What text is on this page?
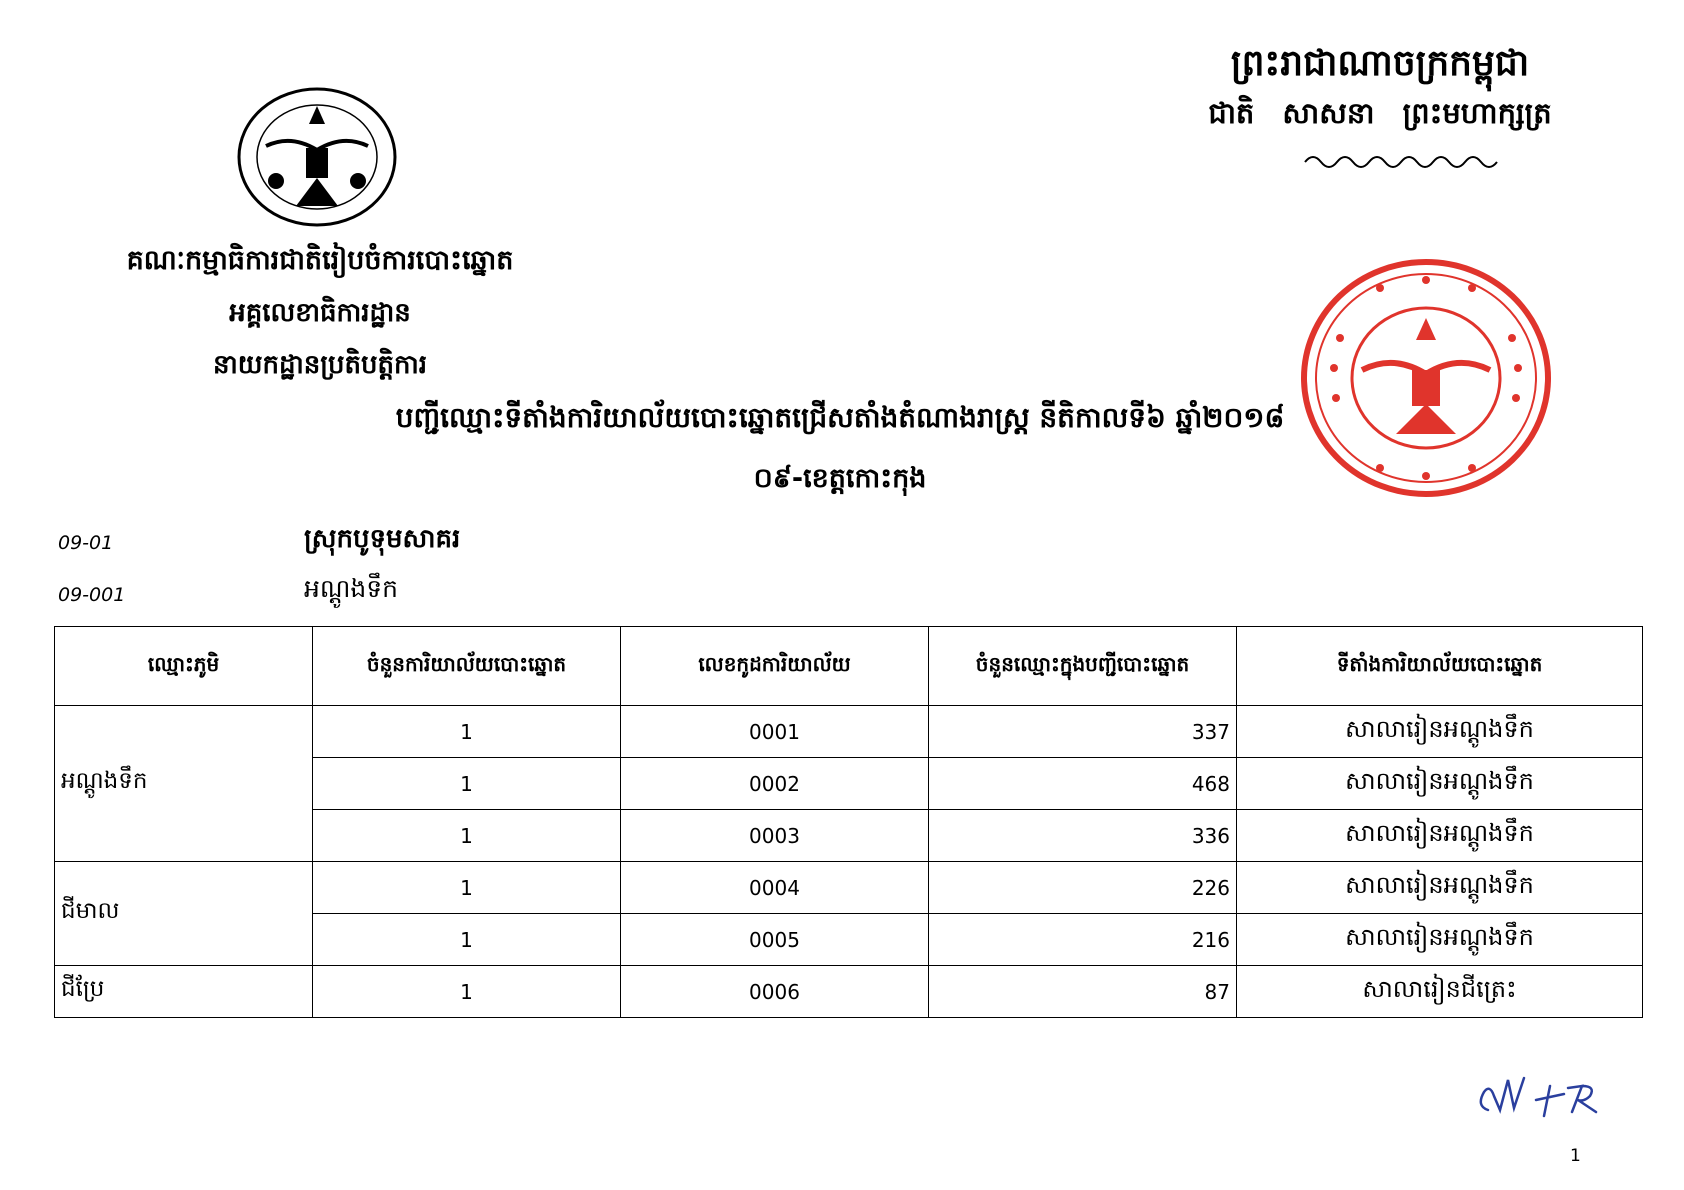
ព្រះរាជាណាចក្រកម្ពុជា
ជាតិ សាសនា ព្រះមហាក្សត្រ
គណៈកម្មាធិការជាតិរៀបចំការបោះឆ្នោត
អគ្គលេខាធិការដ្ឋាន
នាយកដ្ឋានប្រតិបត្តិការ
បញ្ជីឈ្មោះទីតាំងការិយាល័យបោះឆ្នោតជ្រើសតាំងតំណាងរាស្ត្រ នីតិកាលទី៦ ឆ្នាំ២០១៨
០៩-ខេត្តកោះកុង
09-01	ស្រុកបូទុមសាគរ
09-001	អណ្ដូងទឹក
ឈ្មោះភូមិ	ចំនួនការិយាល័យបោះឆ្នោត	លេខកូដការិយាល័យ	ចំនួនឈ្មោះក្នុងបញ្ជីបោះឆ្នោត	ទីតាំងការិយាល័យបោះឆ្នោត
អណ្ដូងទឹក	1	0001	337	សាលារៀនអណ្ដូងទឹក
	1	0002	468	សាលារៀនអណ្ដូងទឹក
	1	0003	336	សាលារៀនអណ្ដូងទឹក
ជីមាល	1	0004	226	សាលារៀនអណ្ដូងទឹក
	1	0005	216	សាលារៀនអណ្ដូងទឹក
ជីប្រែ	1	0006	87	សាលារៀនជីត្រេះ
1
